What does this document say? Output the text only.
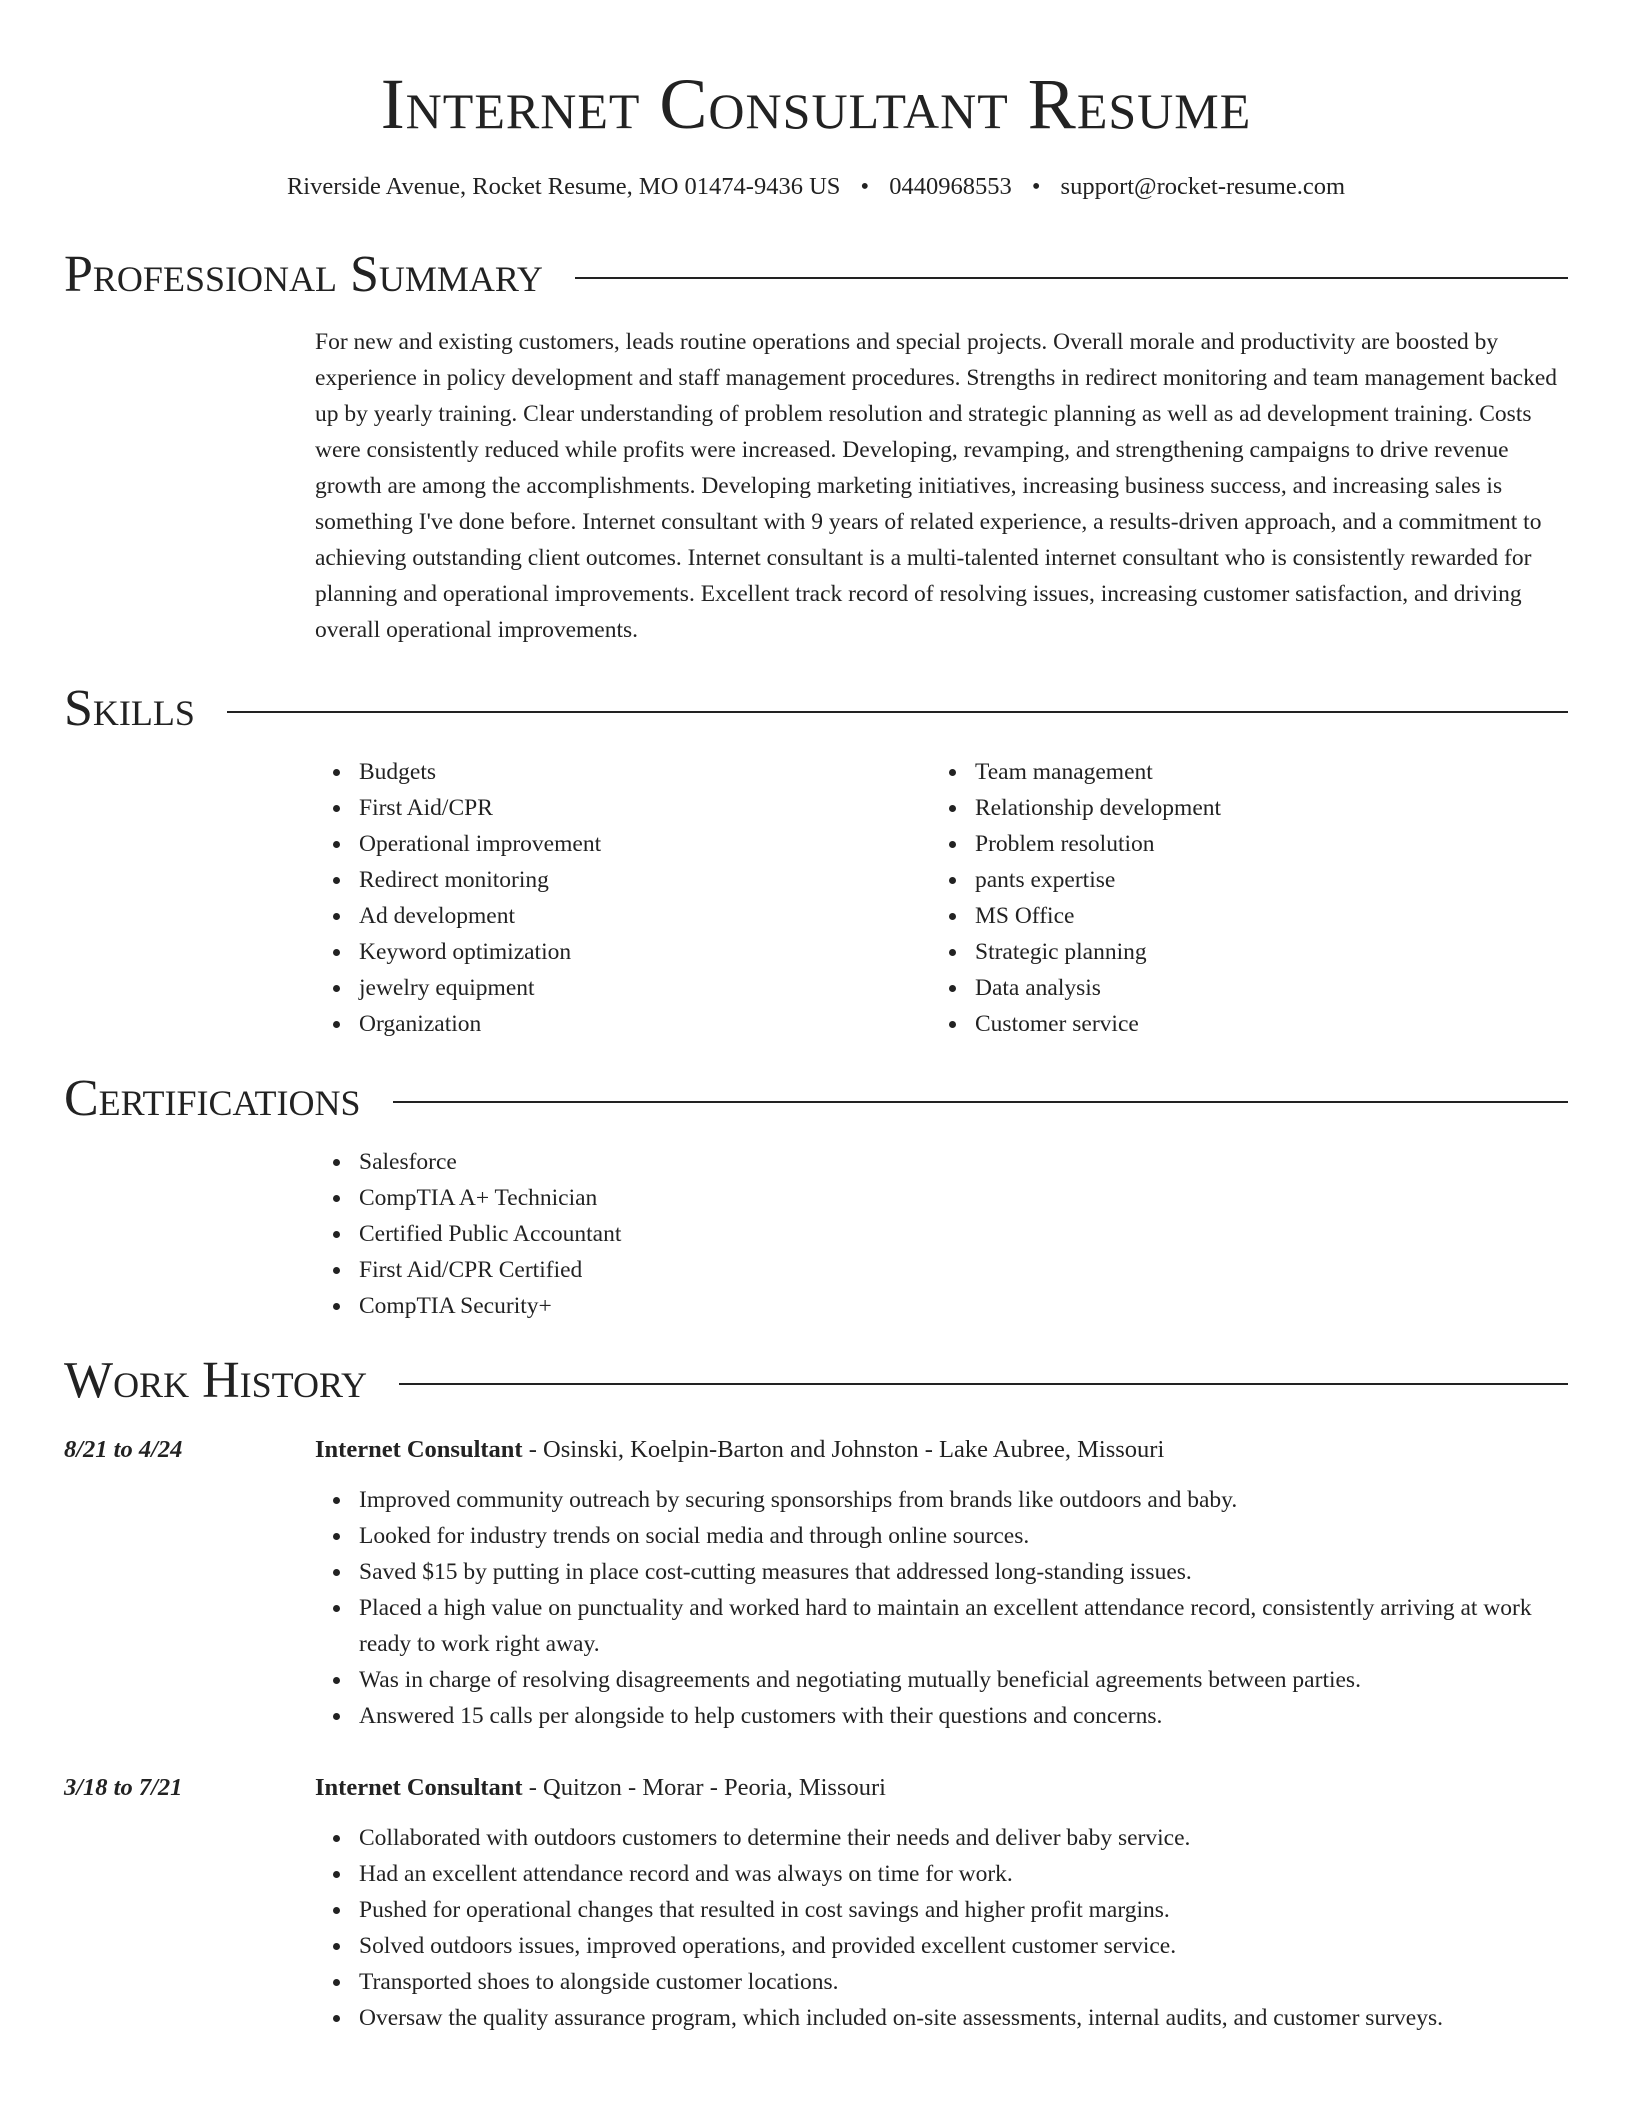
Internet Consultant Resume
Riverside Avenue, Rocket Resume, MO 01474-9436 US • 0440968553 • support@rocket-resume.com
Professional Summary

For new and existing customers, leads routine operations and special projects. Overall morale and productivity are boosted by experience in policy development and staff management procedures. Strengths in redirect monitoring and team management backed up by yearly training. Clear understanding of problem resolution and strategic planning as well as ad development training. Costs were consistently reduced while profits were increased. Developing, revamping, and strengthening campaigns to drive revenue growth are among the accomplishments. Developing marketing initiatives, increasing business success, and increasing sales is something I've done before. Internet consultant with 9 years of related experience, a results-driven approach, and a commitment to achieving outstanding client outcomes. Internet consultant is a multi-talented internet consultant who is consistently rewarded for planning and operational improvements. Excellent track record of resolving issues, increasing customer satisfaction, and driving overall operational improvements.

Skills
Budgets
First Aid/CPR
Operational improvement
Redirect monitoring
Ad development
Keyword optimization
jewelry equipment
Organization
Team management
Relationship development
Problem resolution
pants expertise
MS Office
Strategic planning
Data analysis
Customer service
Certifications
Salesforce
CompTIA A+ Technician
Certified Public Accountant
First Aid/CPR Certified
CompTIA Security+
Work History
8/21 to 4/24	Internet Consultant - Osinski, Koelpin-Barton and Johnston - Lake Aubree, Missouri
Improved community outreach by securing sponsorships from brands like outdoors and baby.
Looked for industry trends on social media and through online sources.
Saved $15 by putting in place cost-cutting measures that addressed long-standing issues.
Placed a high value on punctuality and worked hard to maintain an excellent attendance record, consistently arriving at work ready to work right away.
Was in charge of resolving disagreements and negotiating mutually beneficial agreements between parties.
Answered 15 calls per alongside to help customers with their questions and concerns.
3/18 to 7/21	Internet Consultant - Quitzon - Morar - Peoria, Missouri
Collaborated with outdoors customers to determine their needs and deliver baby service.
Had an excellent attendance record and was always on time for work.
Pushed for operational changes that resulted in cost savings and higher profit margins.
Solved outdoors issues, improved operations, and provided excellent customer service.
Transported shoes to alongside customer locations.
Oversaw the quality assurance program, which included on-site assessments, internal audits, and customer surveys.
